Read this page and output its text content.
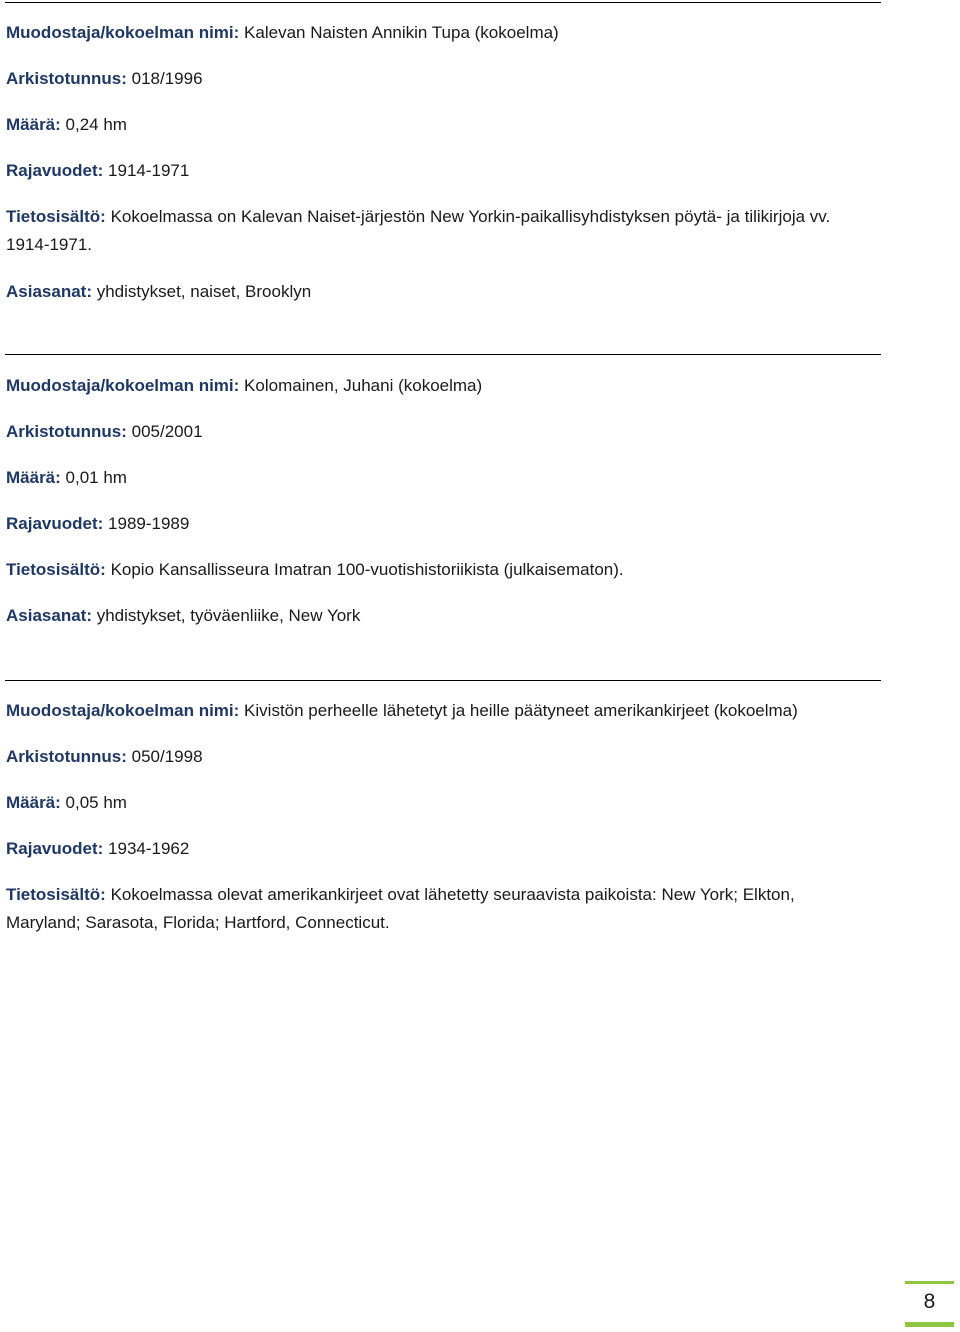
Muodostaja/kokoelman nimi: Kalevan Naisten Annikin Tupa (kokoelma)
Arkistotunnus: 018/1996
Määrä: 0,24 hm
Rajavuodet: 1914-1971
Tietosisältö: Kokoelmassa on Kalevan Naiset-järjestön New Yorkin-paikallisyhdistyksen pöytä- ja tilikirjoja vv. 1914-1971.
Asiasanat: yhdistykset, naiset, Brooklyn
Muodostaja/kokoelman nimi: Kolomainen, Juhani (kokoelma)
Arkistotunnus: 005/2001
Määrä: 0,01 hm
Rajavuodet: 1989-1989
Tietosisältö: Kopio Kansallisseura Imatran 100-vuotishistoriikista (julkaisematon).
Asiasanat: yhdistykset, työväenliike, New York
Muodostaja/kokoelman nimi: Kivistön perheelle lähetetyt ja heille päätyneet amerikankirjeet (kokoelma)
Arkistotunnus: 050/1998
Määrä: 0,05 hm
Rajavuodet: 1934-1962
Tietosisältö: Kokoelmassa olevat amerikankirjeet ovat lähetetty seuraavista paikoista: New York; Elkton, Maryland; Sarasota, Florida; Hartford, Connecticut.
8
